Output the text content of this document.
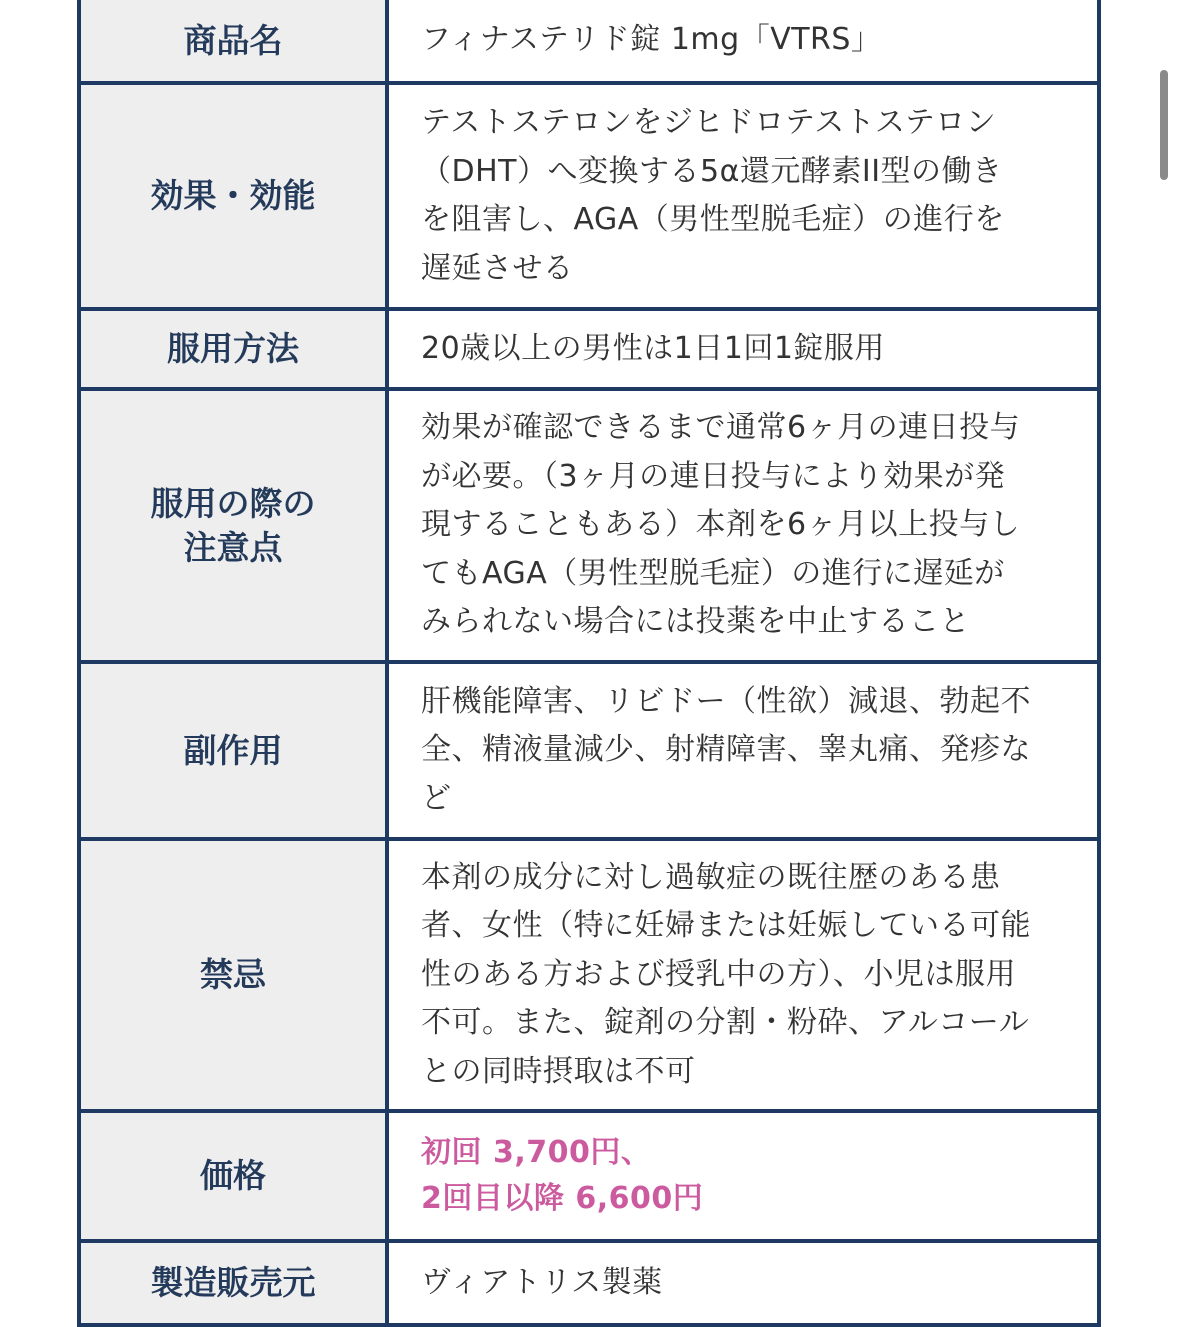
商品名	フィナステリド錠 1mg「VTRS」

効果・効能	テストステロンをジヒドロテストステロン
（DHT）へ変換する5α還元酵素II型の働き
を阻害し、AGA（男性型脱毛症）の進行を
遅延させる

服用方法	20歳以上の男性は1日1回1錠服用

服用の際の
注意点	効果が確認できるまで通常6ヶ月の連日投与
が必要。（3ヶ月の連日投与により効果が発
現することもある）本剤を6ヶ月以上投与し
てもAGA（男性型脱毛症）の進行に遅延が
みられない場合には投薬を中止すること

副作用	肝機能障害、リビドー（性欲）減退、勃起不
全、精液量減少、射精障害、睾丸痛、発疹な
ど

禁忌	本剤の成分に対し過敏症の既往歴のある患
者、女性（特に妊婦または妊娠している可能
性のある方および授乳中の方）、小児は服用
不可。また、錠剤の分割・粉砕、アルコール
との同時摂取は不可

価格	初回 3,700円、
2回目以降 6,600円

製造販売元	ヴィアトリス製薬
